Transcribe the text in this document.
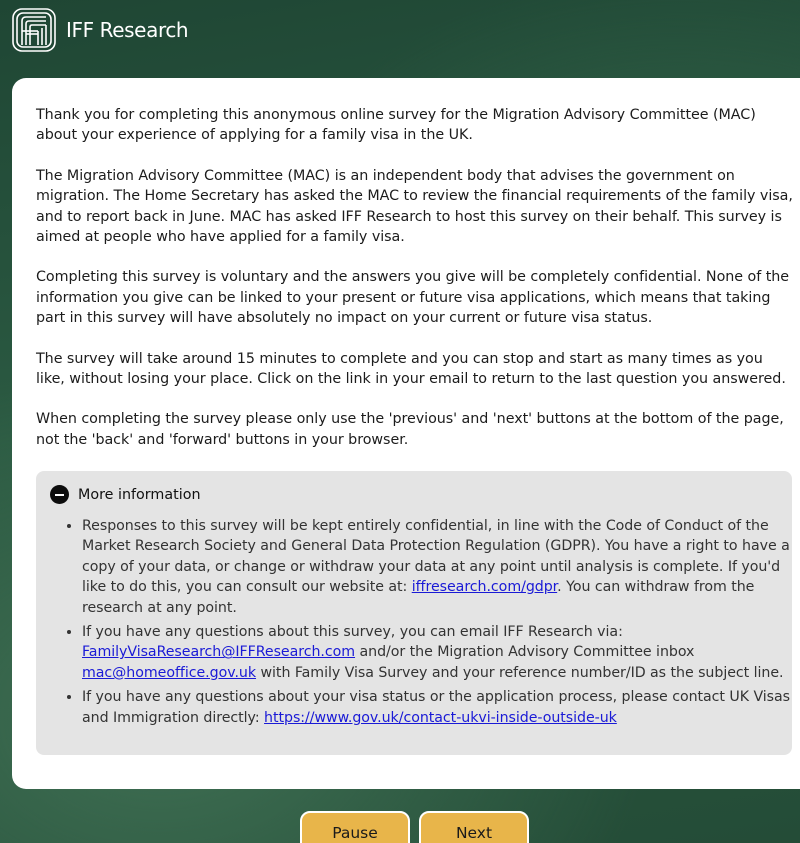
IFF Research

Thank you for completing this anonymous online survey for the Migration Advisory Committee (MAC) about your experience of applying for a family visa in the UK.

The Migration Advisory Committee (MAC) is an independent body that advises the government on migration. The Home Secretary has asked the MAC to review the financial requirements of the family visa, and to report back in June. MAC has asked IFF Research to host this survey on their behalf. This survey is aimed at people who have applied for a family visa.

Completing this survey is voluntary and the answers you give will be completely confidential. None of the information you give can be linked to your present or future visa applications, which means that taking part in this survey will have absolutely no impact on your current or future visa status.

The survey will take around 15 minutes to complete and you can stop and start as many times as you like, without losing your place. Click on the link in your email to return to the last question you answered.

When completing the survey please only use the 'previous' and 'next' buttons at the bottom of the page, not the 'back' and 'forward' buttons in your browser.

More information
• Responses to this survey will be kept entirely confidential, in line with the Code of Conduct of the Market Research Society and General Data Protection Regulation (GDPR). You have a right to have a copy of your data, or change or withdraw your data at any point until analysis is complete. If you'd like to do this, you can consult our website at: iffresearch.com/gdpr. You can withdraw from the research at any point.
• If you have any questions about this survey, you can email IFF Research via: FamilyVisaResearch@IFFResearch.com and/or the Migration Advisory Committee inbox mac@homeoffice.gov.uk with Family Visa Survey and your reference number/ID as the subject line.
• If you have any questions about your visa status or the application process, please contact UK Visas and Immigration directly: https://www.gov.uk/contact-ukvi-inside-outside-uk
Pause	Next
